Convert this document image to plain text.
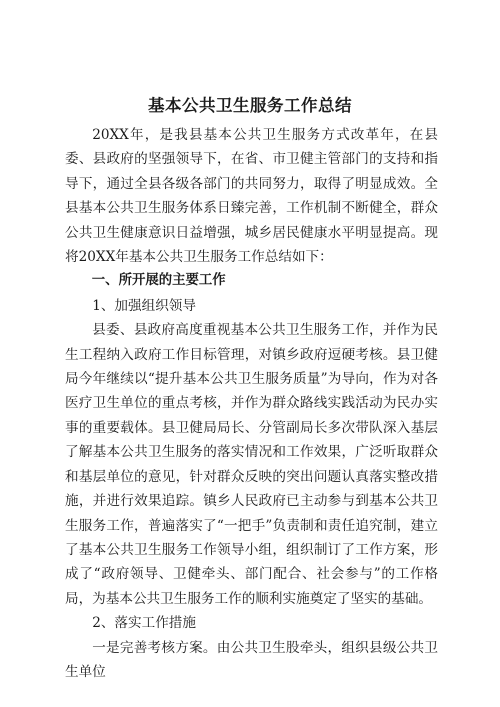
基本公共卫生服务工作总结

20XX年，是我县基本公共卫生服务方式改革年，在县委、县政府的坚强领导下，在省、市卫健主管部门的支持和指导下，通过全县各级各部门的共同努力，取得了明显成效。全县基本公共卫生服务体系日臻完善，工作机制不断健全，群众公共卫生健康意识日益增强，城乡居民健康水平明显提高。现将20XX年基本公共卫生服务工作总结如下：

一、所开展的主要工作

1、加强组织领导

县委、县政府高度重视基本公共卫生服务工作，并作为民生工程纳入政府工作目标管理，对镇乡政府逗硬考核。县卫健局今年继续以“提升基本公共卫生服务质量”为导向，作为对各医疗卫生单位的重点考核，并作为群众路线实践活动为民办实事的重要载体。县卫健局局长、分管副局长多次带队深入基层了解基本公共卫生服务的落实情况和工作效果，广泛听取群众和基层单位的意见，针对群众反映的突出问题认真落实整改措施，并进行效果追踪。镇乡人民政府已主动参与到基本公共卫生服务工作，普遍落实了“一把手”负责制和责任追究制，建立了基本公共卫生服务工作领导小组，组织制订了工作方案，形成了“政府领导、卫健牵头、部门配合、社会参与”的工作格局，为基本公共卫生服务工作的顺利实施奠定了坚实的基础。

2、落实工作措施

一是完善考核方案。由公共卫生股牵头，组织县级公共卫生单位
